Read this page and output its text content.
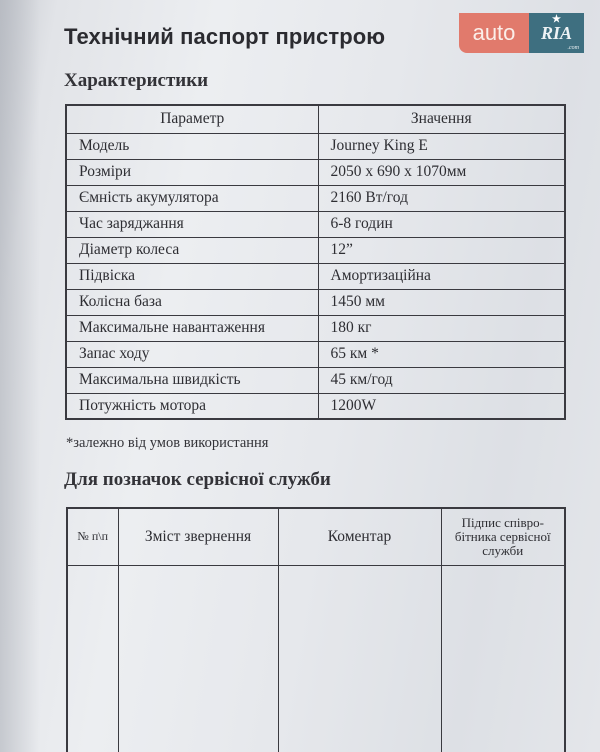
Технічний паспорт пристрою	auto
★
RIA
.com
Характеристики
Параметр	Значення
Модель	Journey King E
Розміри	2050 x 690 x 1070мм
Ємність акумулятора	2160 Вт/год
Час заряджання	6-8 годин
Діаметр колеса	12”
Підвіска	Амортизаційна
Колісна база	1450 мм
Максимальне навантаження	180 кг
Запас ходу	65 км *
Максимальна швидкість	45 км/год
Потужність мотора	1200W

*залежно від умов використання

Для позначок сервісної служби
№ п\п	Зміст звернення	Коментар	Підпис співро-бітника сервісної служби
